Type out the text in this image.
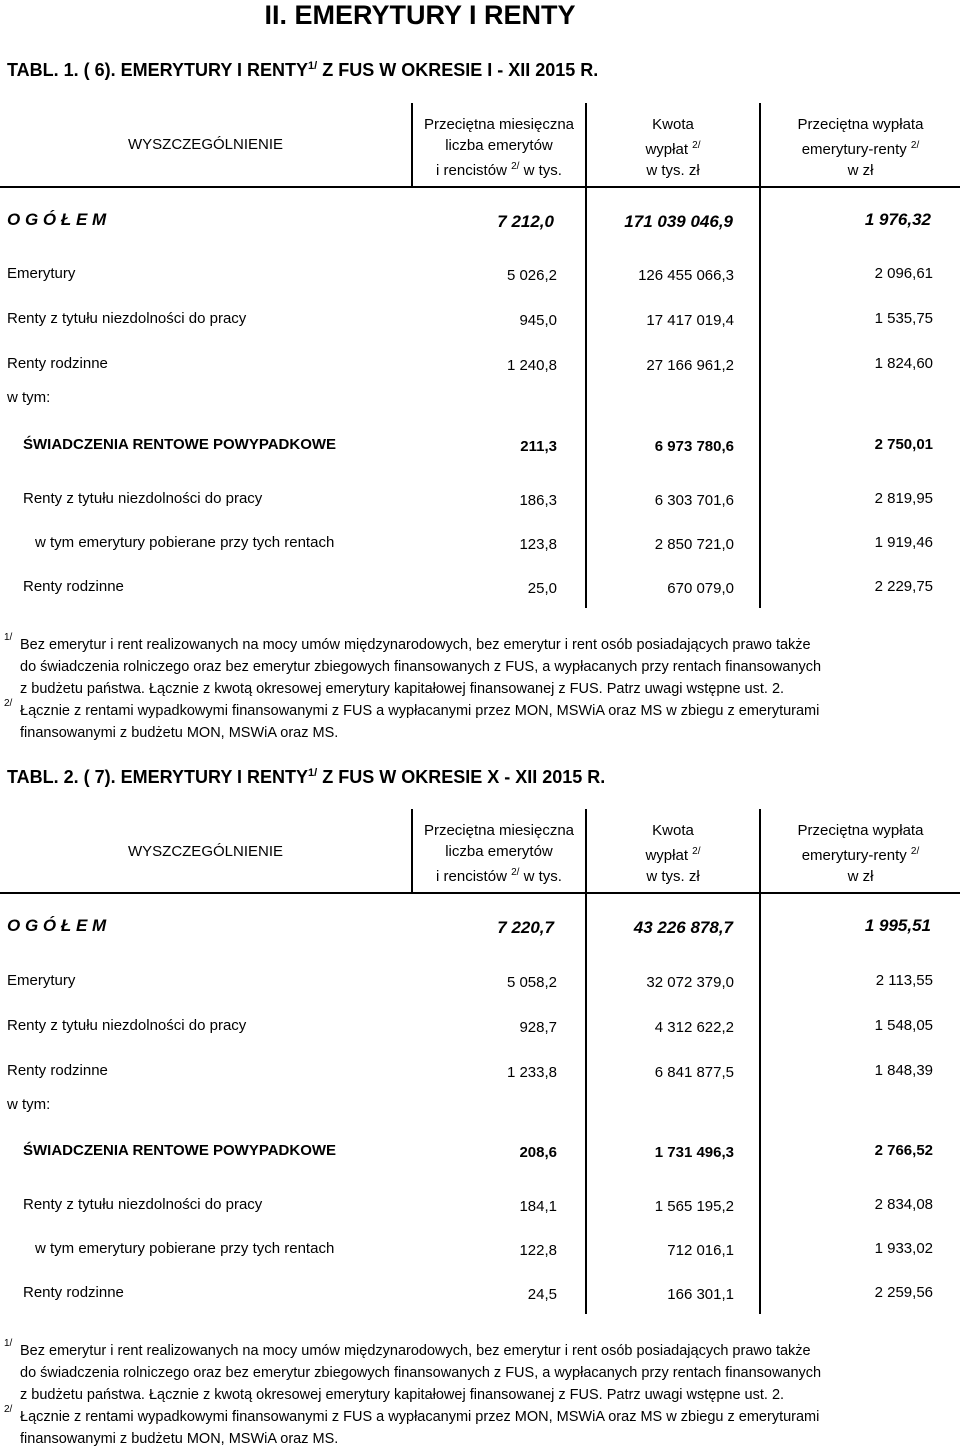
II. EMERYTURY I RENTY
TABL. 1. ( 6). EMERYTURY I $RENTY^{1/}$ Z FUS W OKRESIE I - XII 2015 R.
WYSZCZEGÓLNIENIE
Przeciętna miesięczna
liczba emerytów
i rencistów $^{2/}$ w tys.
Kwota
wypłat $^{2/}$
w tys. zł
Przeciętna wypłata
emerytury-renty $^{2/}$
w zł
O G Ó Ł E M	7 212,0	171 039 046,9	1 976,32
Emerytury	5 026,2	126 455 066,3	2 096,61
Renty z tytułu niezdolności do pracy	945,0	17 417 019,4	1 535,75
Renty rodzinne	1 240,8	27 166 961,2	1 824,60
w tym:
ŚWIADCZENIA RENTOWE POWYPADKOWE	211,3	6 973 780,6	2 750,01
Renty z tytułu niezdolności do pracy	186,3	6 303 701,6	2 819,95
w tym emerytury pobierane przy tych rentach	123,8	2 850 721,0	1 919,46
Renty rodzinne	25,0	670 079,0	2 229,75
1/ Bez emerytur i rent realizowanych na mocy umów międzynarodowych, bez emerytur i rent osób posiadających prawo także
do świadczenia rolniczego oraz bez emerytur zbiegowych finansowanych z FUS, a wypłacanych przy rentach finansowanych
z budżetu państwa. Łącznie z kwotą okresowej emerytury kapitałowej finansowanej z FUS. Patrz uwagi wstępne ust. 2.
2/ Łącznie z rentami wypadkowymi finansowanymi z FUS a wypłacanymi przez MON, MSWiA oraz MS w zbiegu z emeryturami
finansowanymi z budżetu MON, MSWiA oraz MS.
TABL. 2. ( 7). EMERYTURY I $RENTY^{1/}$ Z FUS W OKRESIE X - XII 2015 R.
WYSZCZEGÓLNIENIE
Przeciętna miesięczna
liczba emerytów
i rencistów $^{2/}$ w tys.
Kwota
wypłat $^{2/}$
w tys. zł
Przeciętna wypłata
emerytury-renty $^{2/}$
w zł
O G Ó Ł E M	7 220,7	43 226 878,7	1 995,51
Emerytury	5 058,2	32 072 379,0	2 113,55
Renty z tytułu niezdolności do pracy	928,7	4 312 622,2	1 548,05
Renty rodzinne	1 233,8	6 841 877,5	1 848,39
w tym:
ŚWIADCZENIA RENTOWE POWYPADKOWE	208,6	1 731 496,3	2 766,52
Renty z tytułu niezdolności do pracy	184,1	1 565 195,2	2 834,08
w tym emerytury pobierane przy tych rentach	122,8	712 016,1	1 933,02
Renty rodzinne	24,5	166 301,1	2 259,56
1/ Bez emerytur i rent realizowanych na mocy umów międzynarodowych, bez emerytur i rent osób posiadających prawo także
do świadczenia rolniczego oraz bez emerytur zbiegowych finansowanych z FUS, a wypłacanych przy rentach finansowanych
z budżetu państwa. Łącznie z kwotą okresowej emerytury kapitałowej finansowanej z FUS. Patrz uwagi wstępne ust. 2.
2/ Łącznie z rentami wypadkowymi finansowanymi z FUS a wypłacanymi przez MON, MSWiA oraz MS w zbiegu z emeryturami
finansowanymi z budżetu MON, MSWiA oraz MS.
